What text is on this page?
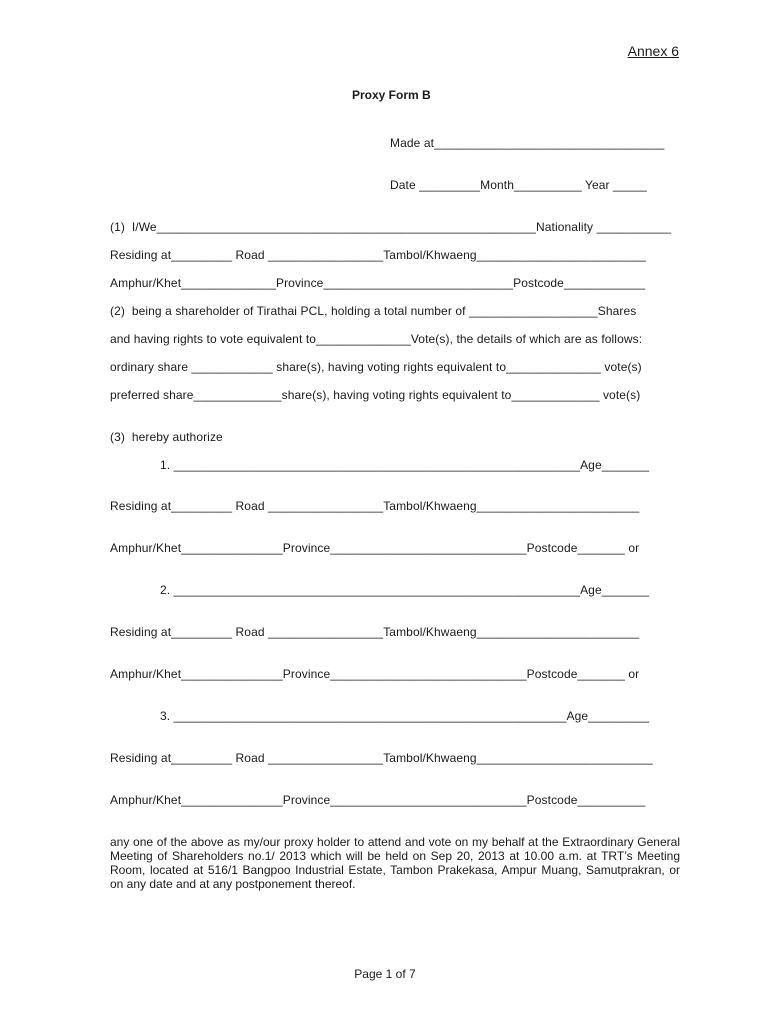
Annex 6
Proxy Form B
Made at__________________________________
Date _________Month__________ Year _____
(1)  I/We________________________________________________________Nationality ___________
Residing at_________ Road _________________Tambol/Khwaeng_________________________
Amphur/Khet______________Province____________________________Postcode____________
(2)  being a shareholder of Tirathai PCL, holding a total number of ___________________Shares
and having rights to vote equivalent to______________Vote(s), the details of which are as follows:
ordinary share ____________ share(s), having voting rights equivalent to______________ vote(s)
preferred share_____________share(s), having voting rights equivalent to_____________ vote(s)
(3)  hereby authorize
1. ____________________________________________________________Age_______
Residing at_________ Road _________________Tambol/Khwaeng________________________
Amphur/Khet_______________Province_____________________________Postcode_______ or
2. ____________________________________________________________Age_______
Residing at_________ Road _________________Tambol/Khwaeng________________________
Amphur/Khet_______________Province_____________________________Postcode_______ or
3. __________________________________________________________Age_________
Residing at_________ Road _________________Tambol/Khwaeng__________________________
Amphur/Khet_______________Province_____________________________Postcode__________
any one of the above as my/our proxy holder to attend and vote on my behalf at the Extraordinary General Meeting of Shareholders no.1/ 2013 which will be held on Sep 20, 2013 at 10.00 a.m. at TRT’s Meeting Room, located at 516/1 Bangpoo Industrial Estate, Tambon Prakekasa, Ampur Muang, Samutprakran, or on any date and at any postponement thereof.
Page 1 of 7
